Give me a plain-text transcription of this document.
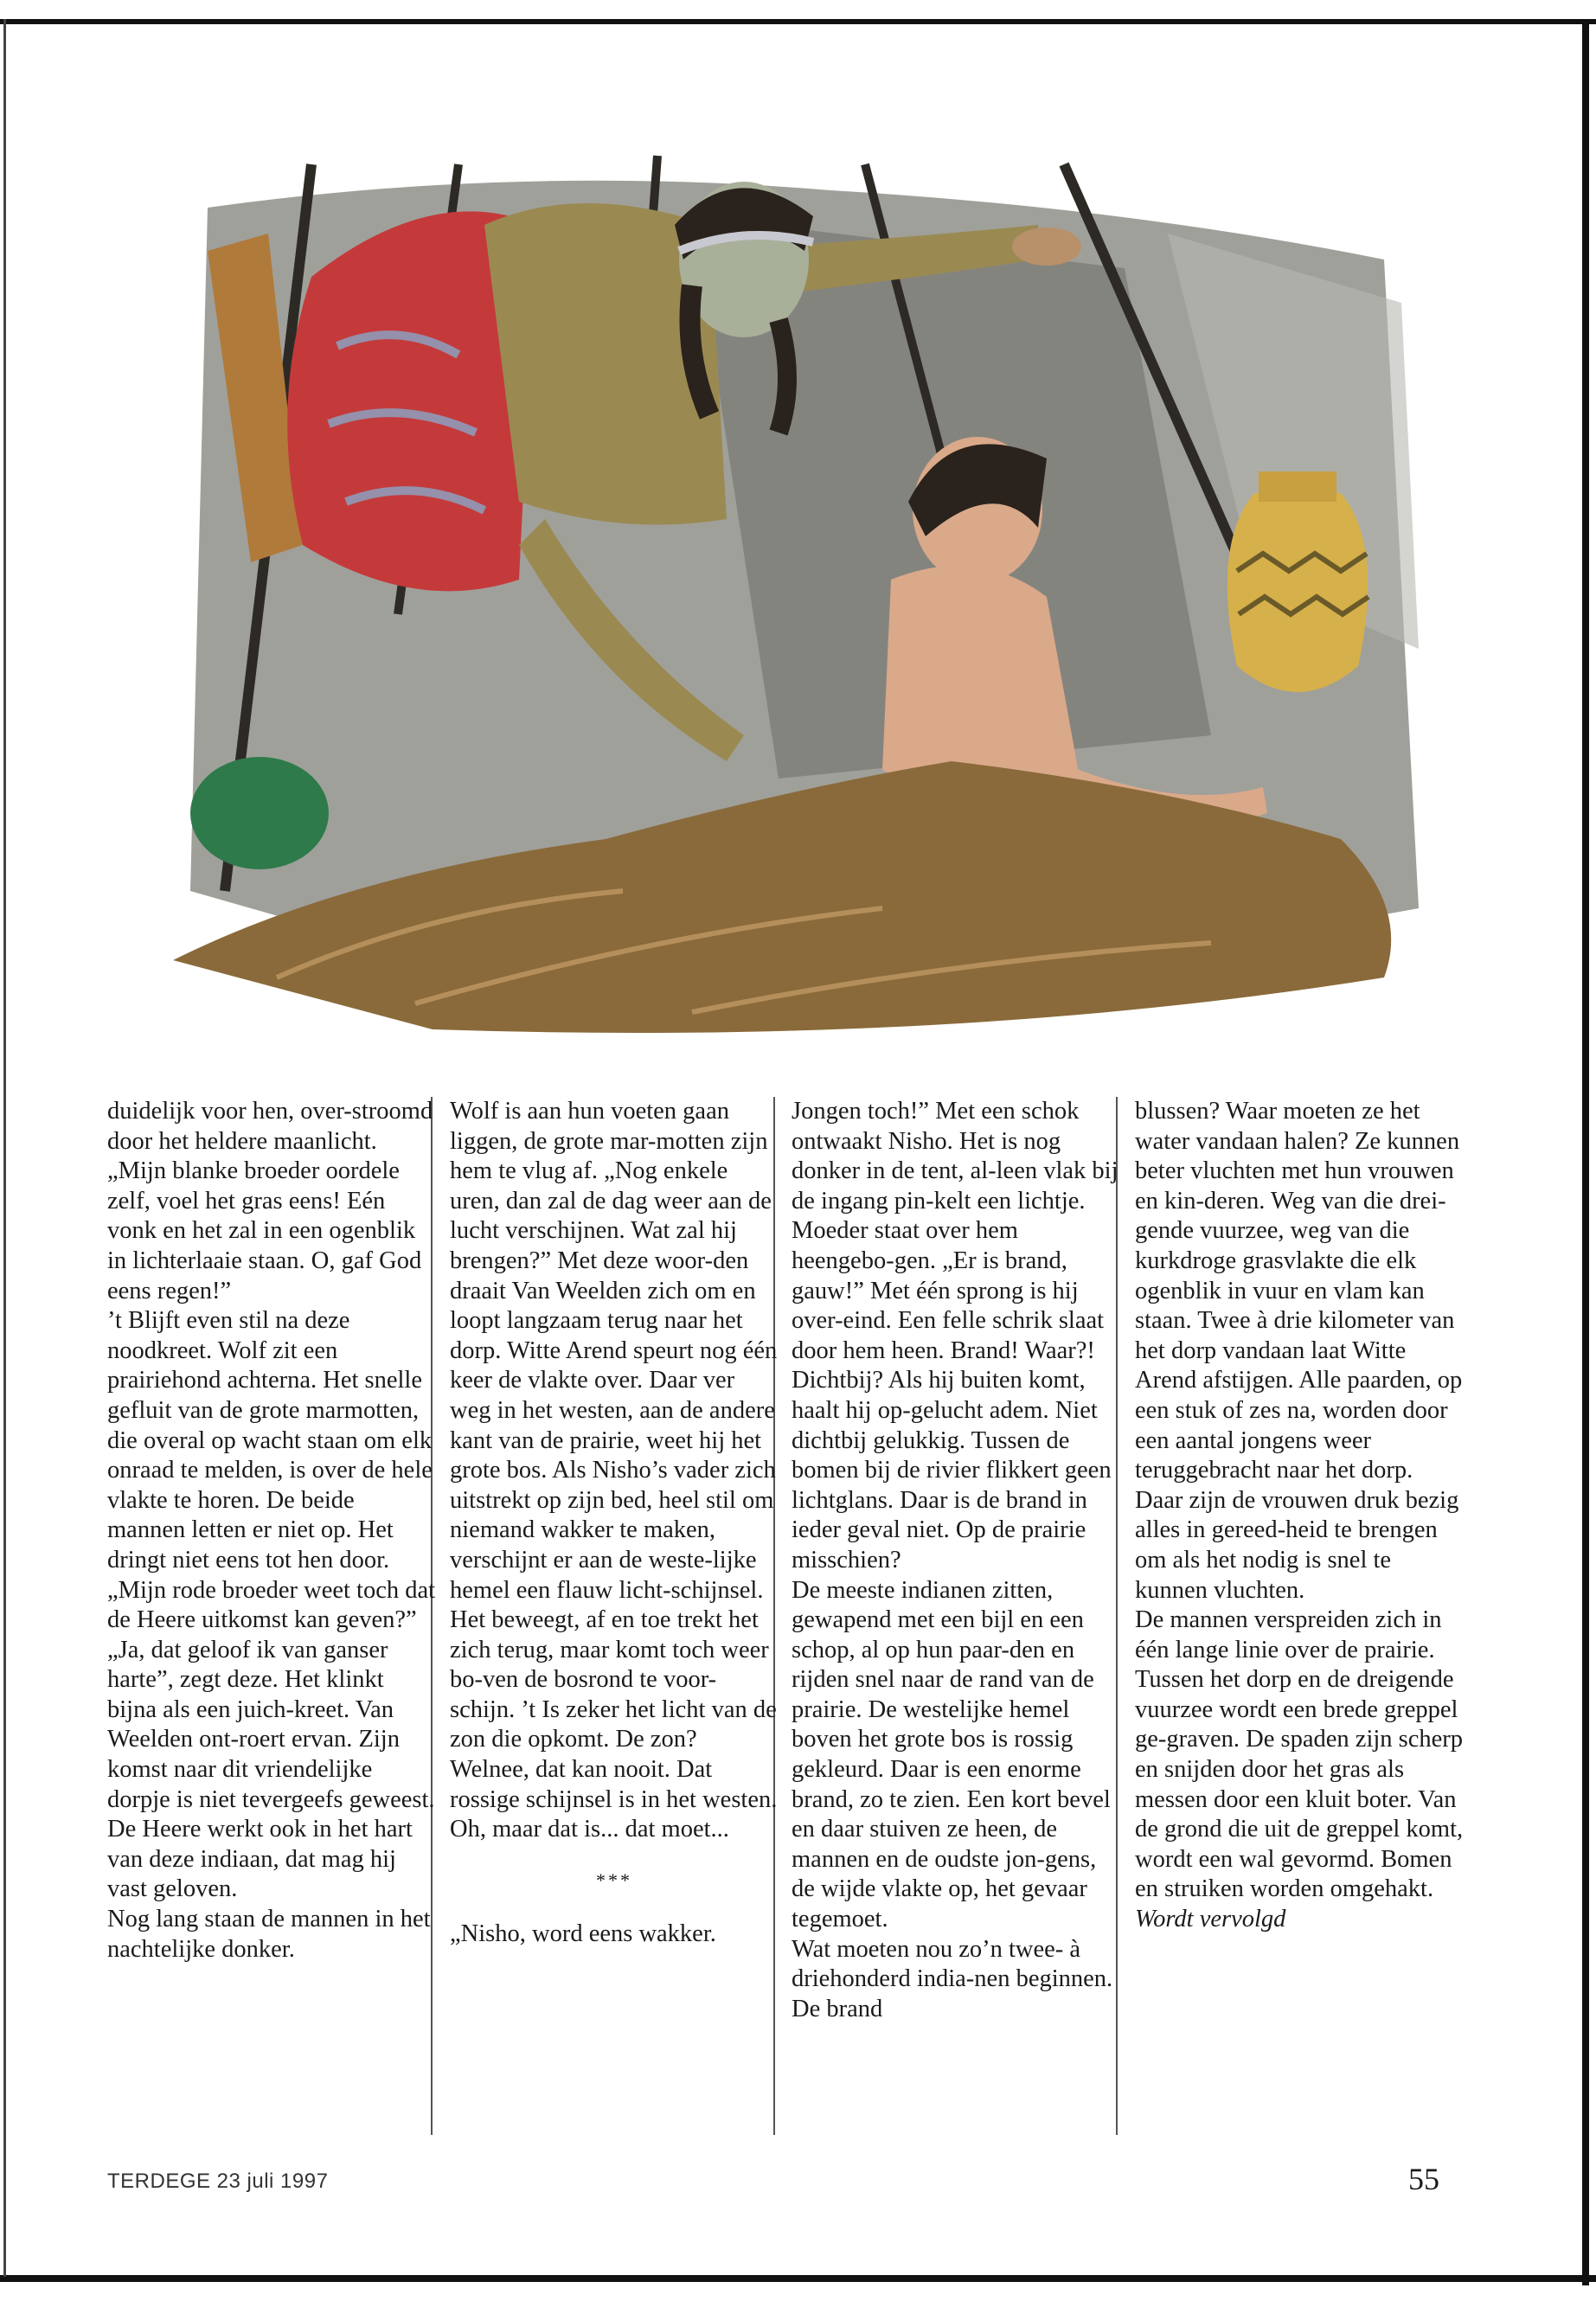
duidelijk voor hen, over-stroomd door het heldere maanlicht. „Mijn blanke broeder oordele zelf, voel het gras eens! Eén vonk en het zal in een ogenblik in lichterlaaie staan. O, gaf God eens regen!”

’t Blijft even stil na deze noodkreet. Wolf zit een prairiehond achterna. Het snelle gefluit van de grote marmotten, die overal op wacht staan om elk onraad te melden, is over de hele vlakte te horen. De beide mannen letten er niet op. Het dringt niet eens tot hen door.

„Mijn rode broeder weet toch dat de Heere uitkomst kan geven?”

„Ja, dat geloof ik van ganser harte”, zegt deze. Het klinkt bijna als een juich-kreet. Van Weelden ont-roert ervan. Zijn komst naar dit vriendelijke dorpje is niet tevergeefs geweest. De Heere werkt ook in het hart van deze indiaan, dat mag hij vast geloven.

Nog lang staan de mannen in het nachtelijke donker.

Wolf is aan hun voeten gaan liggen, de grote mar-motten zijn hem te vlug af. „Nog enkele uren, dan zal de dag weer aan de lucht verschijnen. Wat zal hij brengen?” Met deze woor-den draait Van Weelden zich om en loopt langzaam terug naar het dorp. Witte Arend speurt nog één keer de vlakte over. Daar ver weg in het westen, aan de andere kant van de prairie, weet hij het grote bos. Als Nisho’s vader zich uitstrekt op zijn bed, heel stil om niemand wakker te maken, verschijnt er aan de weste-lijke hemel een flauw licht-schijnsel. Het beweegt, af en toe trekt het zich terug, maar komt toch weer bo-ven de bosrond te voor-schijn. ’t Is zeker het licht van de zon die opkomt. De zon? Welnee, dat kan nooit. Dat rossige schijnsel is in het westen. Oh, maar dat is... dat moet...

***

„Nisho, word eens wakker.

Jongen toch!” Met een schok ontwaakt Nisho. Het is nog donker in de tent, al-leen vlak bij de ingang pin-kelt een lichtje. Moeder staat over hem heengebo-gen. „Er is brand, gauw!” Met één sprong is hij over-eind. Een felle schrik slaat door hem heen. Brand! Waar?! Dichtbij? Als hij buiten komt, haalt hij op-gelucht adem. Niet dichtbij gelukkig. Tussen de bomen bij de rivier flikkert geen lichtglans. Daar is de brand in ieder geval niet. Op de prairie misschien?

De meeste indianen zitten, gewapend met een bijl en een schop, al op hun paar-den en rijden snel naar de rand van de prairie. De westelijke hemel boven het grote bos is rossig gekleurd. Daar is een enorme brand, zo te zien. Een kort bevel en daar stuiven ze heen, de mannen en de oudste jon-gens, de wijde vlakte op, het gevaar tegemoet.

Wat moeten nou zo’n twee- à driehonderd india-nen beginnen. De brand

blussen? Waar moeten ze het water vandaan halen? Ze kunnen beter vluchten met hun vrouwen en kin-deren. Weg van die drei-gende vuurzee, weg van die kurkdroge grasvlakte die elk ogenblik in vuur en vlam kan staan. Twee à drie kilometer van het dorp vandaan laat Witte Arend afstijgen. Alle paarden, op een stuk of zes na, worden door een aantal jongens weer teruggebracht naar het dorp. Daar zijn de vrouwen druk bezig alles in gereed-heid te brengen om als het nodig is snel te kunnen vluchten.

De mannen verspreiden zich in één lange linie over de prairie. Tussen het dorp en de dreigende vuurzee wordt een brede greppel ge-graven. De spaden zijn scherp en snijden door het gras als messen door een kluit boter. Van de grond die uit de greppel komt, wordt een wal gevormd. Bomen en struiken worden omgehakt.

Wordt vervolgd

TERDEGE 23 juli 1997	55
